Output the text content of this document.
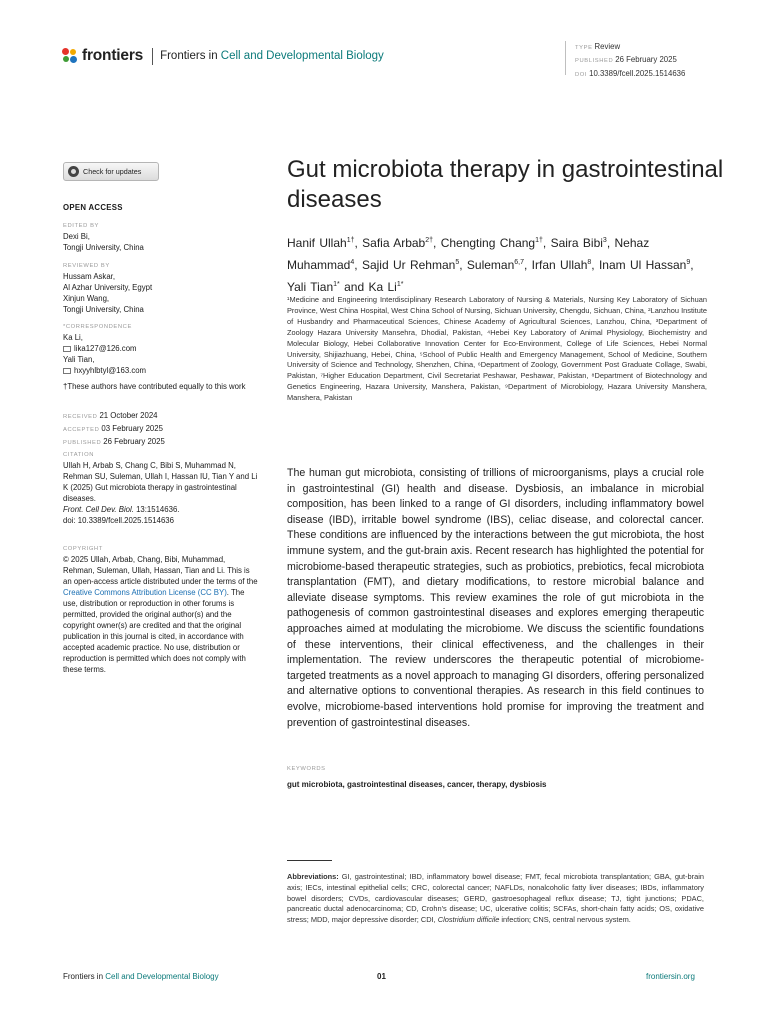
frontiers Frontiers in Cell and Developmental Biology
TYPE Review
PUBLISHED 26 February 2025
DOI 10.3389/fcell.2025.1514636
Check for updates
OPEN ACCESS
EDITED BY
Dexi Bi,
Tongji University, China
REVIEWED BY
Hussam Askar,
Al Azhar University, Egypt
Xinjun Wang,
Tongji University, China
*CORRESPONDENCE
Ka Li,
lika127@126.com
Yali Tian,
hxyyhlbtyl@163.com
†These authors have contributed equally to this work
RECEIVED 21 October 2024
ACCEPTED 03 February 2025
PUBLISHED 26 February 2025
CITATION
Ullah H, Arbab S, Chang C, Bibi S, Muhammad N, Rehman SU, Suleman, Ullah I, Hassan IU, Tian Y and Li K (2025) Gut microbiota therapy in gastrointestinal diseases.
Front. Cell Dev. Biol. 13:1514636.
doi: 10.3389/fcell.2025.1514636
COPYRIGHT
© 2025 Ullah, Arbab, Chang, Bibi, Muhammad, Rehman, Suleman, Ullah, Hassan, Tian and Li. This is an open-access article distributed under the terms of the Creative Commons Attribution License (CC BY). The use, distribution or reproduction in other forums is permitted, provided the original author(s) and the copyright owner(s) are credited and that the original publication in this journal is cited, in accordance with accepted academic practice. No use, distribution or reproduction is permitted which does not comply with these terms.
Gut microbiota therapy in gastrointestinal diseases
Hanif Ullah$^{1\dagger}$, Safia Arbab$^{2\dagger}$, Chengting Chang$^{1\dagger}$, Saira Bibi$^3$, Nehaz Muhammad$^4$, Sajid Ur Rehman$^5$, Suleman$^{6,7}$, Irfan Ullah$^8$, Inam Ul Hassan$^9$, Yali Tian$^{1*}$ and Ka $Li^{1*}$
¹Medicine and Engineering Interdisciplinary Research Laboratory of Nursing & Materials, Nursing Key Laboratory of Sichuan Province, West China Hospital, West China School of Nursing, Sichuan University, Chengdu, Sichuan, China, ²Lanzhou Institute of Husbandry and Pharmaceutical Sciences, Chinese Academy of Agricultural Sciences, Lanzhou, China, ³Department of Zoology Hazara University Mansehra, Dhodial, Pakistan, ⁴Hebei Key Laboratory of Animal Physiology, Biochemistry and Molecular Biology, Hebei Collaborative Innovation Center for Eco-Environment, College of Life Sciences, Hebei Normal University, Shijiazhuang, Hebei, China, ⁵School of Public Health and Emergency Management, School of Medicine, Southern University of Science and Technology, Shenzhen, China, ⁶Department of Zoology, Government Post Graduate Collage, Swabi, Pakistan, ⁷Higher Education Department, Civil Secretariat Peshawar, Peshawar, Pakistan, ⁸Department of Biotechnology and Genetics Engineering, Hazara University, Manshera, Pakistan, ⁹Department of Microbiology, Hazara University Manshera, Manshera, Pakistan
The human gut microbiota, consisting of trillions of microorganisms, plays a crucial role in gastrointestinal (GI) health and disease. Dysbiosis, an imbalance in microbial composition, has been linked to a range of GI disorders, including inflammatory bowel disease (IBD), irritable bowel syndrome (IBS), celiac disease, and colorectal cancer. These conditions are influenced by the interactions between the gut microbiota, the host immune system, and the gut-brain axis. Recent research has highlighted the potential for microbiome-based therapeutic strategies, such as probiotics, prebiotics, fecal microbiota transplantation (FMT), and dietary modifications, to restore microbial balance and alleviate disease symptoms. This review examines the role of gut microbiota in the pathogenesis of common gastrointestinal diseases and explores emerging therapeutic approaches aimed at modulating the microbiome. We discuss the scientific foundations of these interventions, their clinical effectiveness, and the challenges in their implementation. The review underscores the therapeutic potential of microbiome-targeted treatments as a novel approach to managing GI disorders, offering personalized and alternative options to conventional therapies. As research in this field continues to evolve, microbiome-based interventions hold promise for improving the treatment and prevention of gastrointestinal diseases.
KEYWORDS
gut microbiota, gastrointestinal diseases, cancer, therapy, dysbiosis
Abbreviations: GI, gastrointestinal; IBD, inflammatory bowel disease; FMT, fecal microbiota transplantation; GBA, gut-brain axis; IECs, intestinal epithelial cells; CRC, colorectal cancer; NAFLDs, nonalcoholic fatty liver diseases; IBDs, inflammatory bowel disorders; CVDs, cardiovascular diseases; GERD, gastroesophageal reflux disease; TJ, tight junctions; PDAC, pancreatic ductal adenocarcinoma; CD, Crohn's disease; UC, ulcerative colitis; SCFAs, short-chain fatty acids; OS, oxidative stress; MDD, major depressive disorder; CDI, Clostridium difficile infection; CNS, central nervous system.
Frontiers in Cell and Developmental Biology	01	frontiersin.org
